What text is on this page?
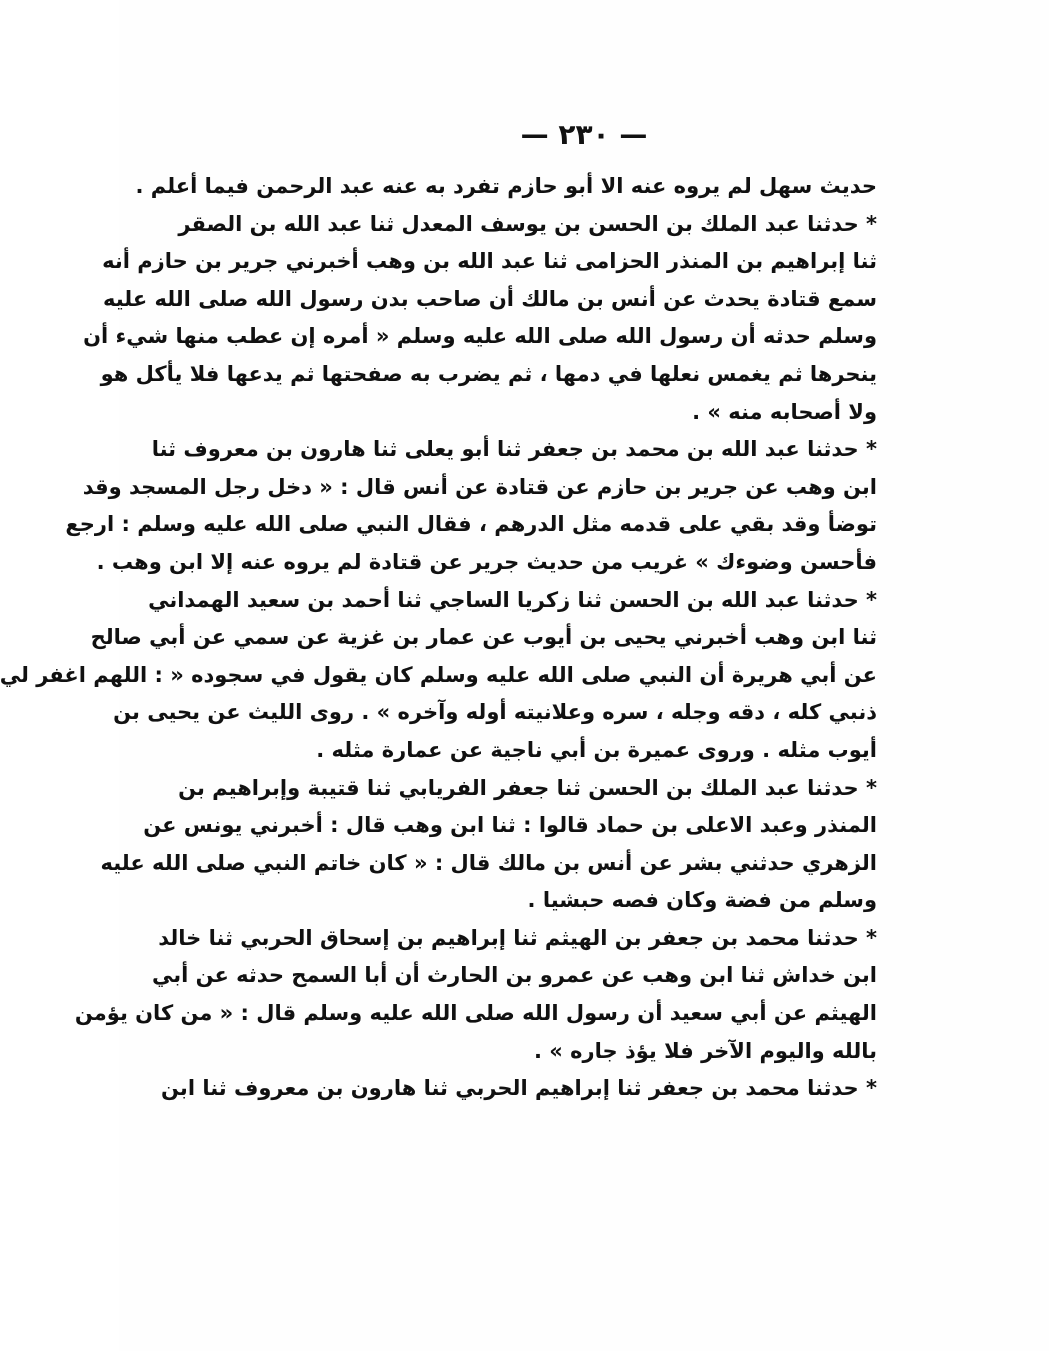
— ٢٣٠ —
حديث سهل لم يروه عنه الا أبو حازم تفرد به عنه عبد الرحمن فيما أعلم .
* حدثنا عبد الملك بن الحسن بن يوسف المعدل ثنا عبد الله بن الصقر
ثنا إبراهيم بن المنذر الحزامى ثنا عبد الله بن وهب أخبرني جرير بن حازم أنه
سمع قتادة يحدث عن أنس بن مالك أن صاحب بدن رسول الله صلى الله عليه
وسلم حدثه أن رسول الله صلى الله عليه وسلم « أمره إن عطب منها شيء أن
ينحرها ثم يغمس نعلها في دمها ، ثم يضرب به صفحتها ثم يدعها فلا يأكل هو
ولا أصحابه منه » .
* حدثنا عبد الله بن محمد بن جعفر ثنا أبو يعلى ثنا هارون بن معروف ثنا
ابن وهب عن جرير بن حازم عن قتادة عن أنس قال : « دخل رجل المسجد وقد
توضأ وقد بقي على قدمه مثل الدرهم ، فقال النبي صلى الله عليه وسلم : ارجع
فأحسن وضوءك » غريب من حديث جرير عن قتادة لم يروه عنه إلا ابن وهب .
* حدثنا عبد الله بن الحسن ثنا زكريا الساجي ثنا أحمد بن سعيد الهمداني
ثنا ابن وهب أخبرني يحيى بن أيوب عن عمار بن غزية عن سمي عن أبي صالح
عن أبي هريرة أن النبي صلى الله عليه وسلم كان يقول في سجوده « : اللهم اغفر لي
ذنبي كله ، دقه وجله ، سره وعلانيته أوله وآخره » . روى الليث عن يحيى بن
أيوب مثله . وروى عميرة بن أبي ناجية عن عمارة مثله .
* حدثنا عبد الملك بن الحسن ثنا جعفر الفريابي ثنا قتيبة وإبراهيم بن
المنذر وعبد الاعلى بن حماد قالوا : ثنا ابن وهب قال : أخبرني يونس عن
الزهري حدثني بشر عن أنس بن مالك قال : « كان خاتم النبي صلى الله عليه
وسلم من فضة وكان فصه حبشيا .
* حدثنا محمد بن جعفر بن الهيثم ثنا إبراهيم بن إسحاق الحربي ثنا خالد
ابن خداش ثنا ابن وهب عن عمرو بن الحارث أن أبا السمح حدثه عن أبي
الهيثم عن أبي سعيد أن رسول الله صلى الله عليه وسلم قال : « من كان يؤمن
بالله واليوم الآخر فلا يؤذ جاره » .
* حدثنا محمد بن جعفر ثنا إبراهيم الحربي ثنا هارون بن معروف ثنا ابن
